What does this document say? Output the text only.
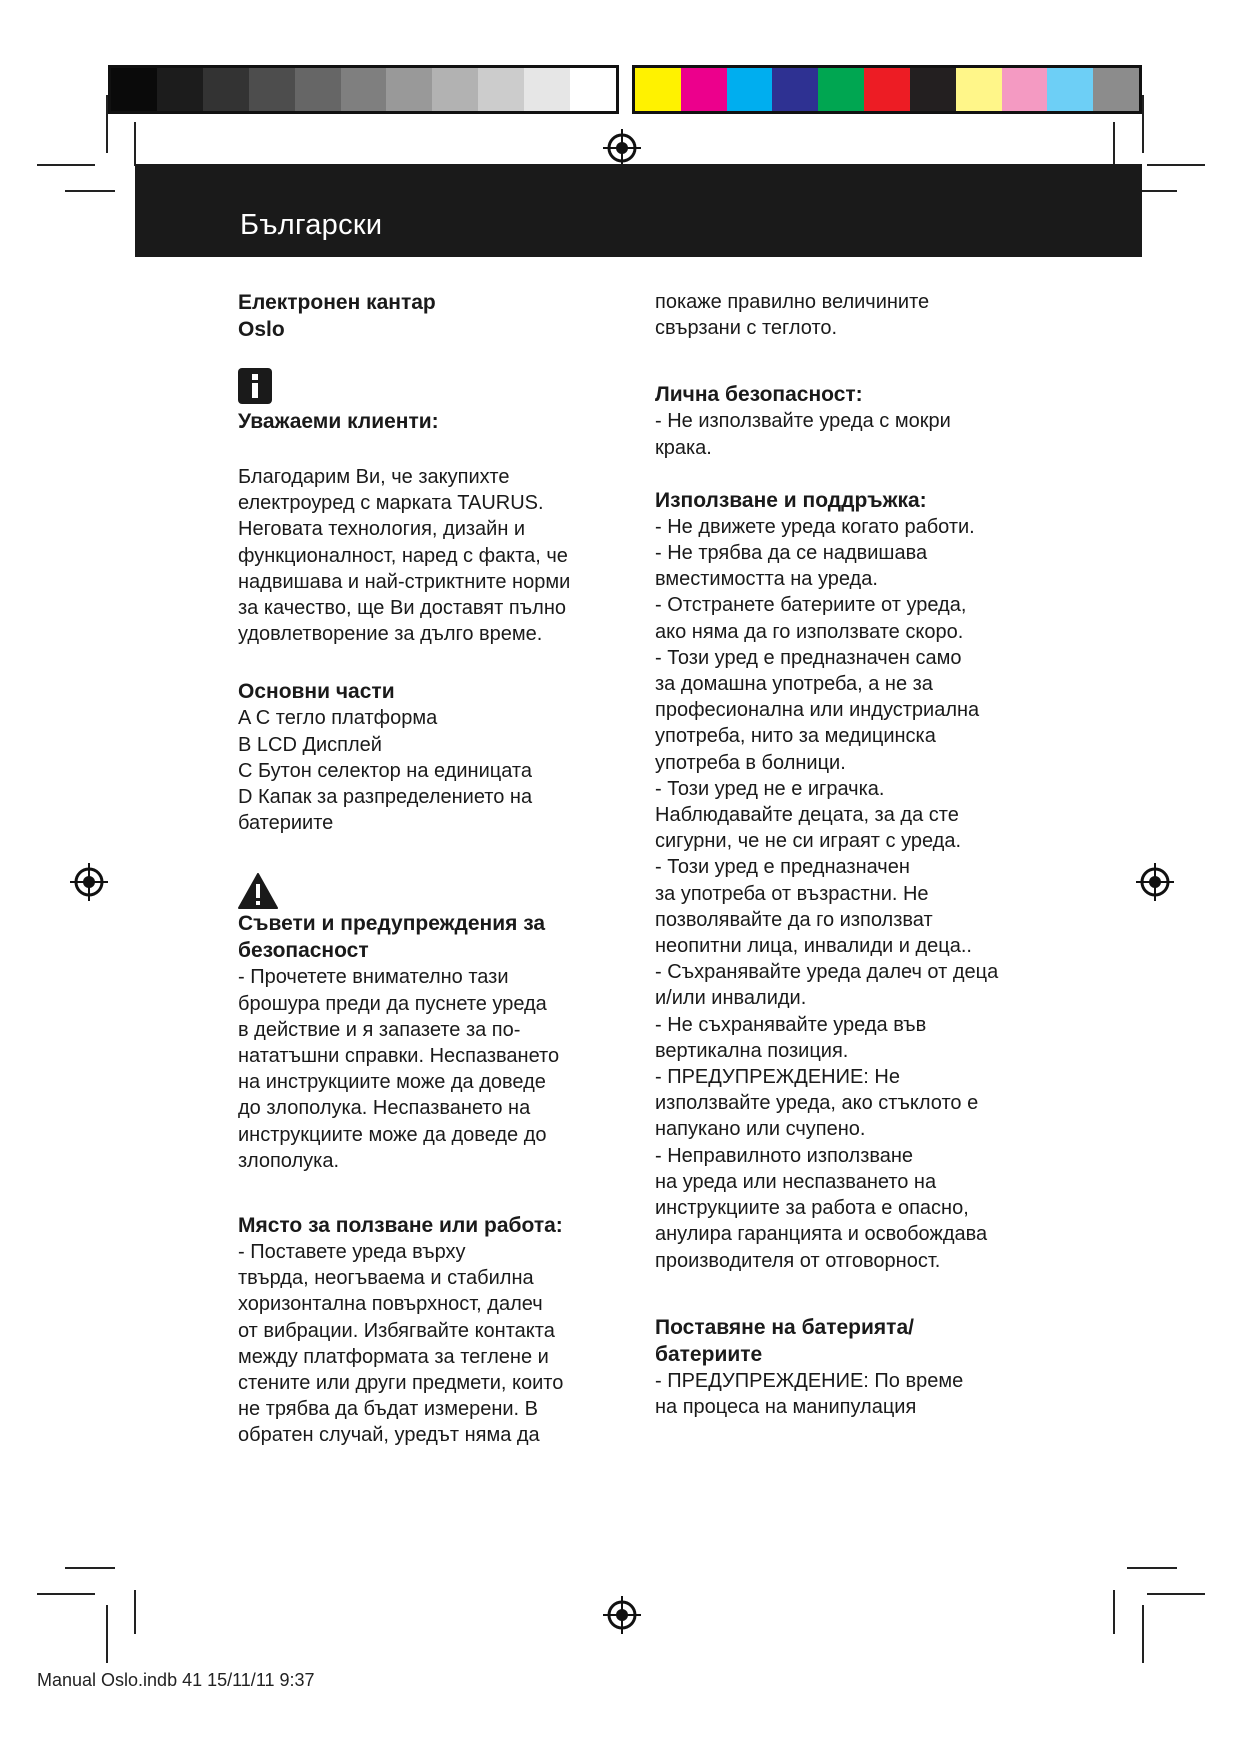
Български
Електронен кантар
Oslo
Уважаеми клиенти:

Благодарим Ви, че закупихте

електроуред с марката TAURUS.

Неговата технология, дизайн и

функционалност, наред с факта, че

надвишава и най-стриктните норми

за качество, ще Ви доставят пълно

удовлетворение за дълго време.

Основни части

A С тегло платформа

B LCD Дисплей

C Бутон селектор на единицата

D Капак за разпределението на

батериите

Съвети и предупреждения за
безопасност

- Прочетете внимателно тази

брошура преди да пуснете уреда

в действие и я запазете за по-

нататъшни справки. Неспазването

на инструкциите може да доведе

до злополука. Неспазването на

инструкциите може да доведе до

злополука.

Място за ползване или работа:

- Поставете уреда върху

твърда, неогъваема и стабилна

хоризонтална повърхност, далеч

от вибрации. Избягвайте контакта

между платформата за теглене и

стените или други предмети, които

не трябва да бъдат измерени. В

обратен случай, уредът няма да

покаже правилно величините

свързани с теглото.

Лична безопасност:

- Не използвайте уреда с мокри

крака.

Използване и поддръжка:

- Не движете уреда когато работи.

- Не трябва да се надвишава

вместимостта на уреда.

- Отстранете батериите от уреда,

ако няма да го използвате скоро.

- Този уред е предназначен само

за домашна употреба, а не за

професионална или индустриална

употреба, нито за медицинска

употреба в болници.

- Този уред не е играчка.

Наблюдавайте децата, за да сте

сигурни, че не си играят с уреда.

- Този уред е предназначен

за употреба от възрастни. Не

позволявайте да го използват

неопитни лица, инвалиди и деца..

- Съхранявайте уреда далеч от деца

и/или инвалиди.

- Не съхранявайте уреда във

вертикална позиция.

- ПРЕДУПРЕЖДЕНИЕ: Не

използвайте уреда, ако стъклото е

напукано или счупено.

- Неправилното използване

на уреда или неспазването на

инструкциите за работа е опасно,

анулира гаранцията и освобождава

производителя от отговорност.

Поставяне на батерията/
батериите

- ПРЕДУПРЕЖДЕНИЕ: По време

на процеса на манипулация

Manual Oslo.indb 41 15/11/11 9:37
